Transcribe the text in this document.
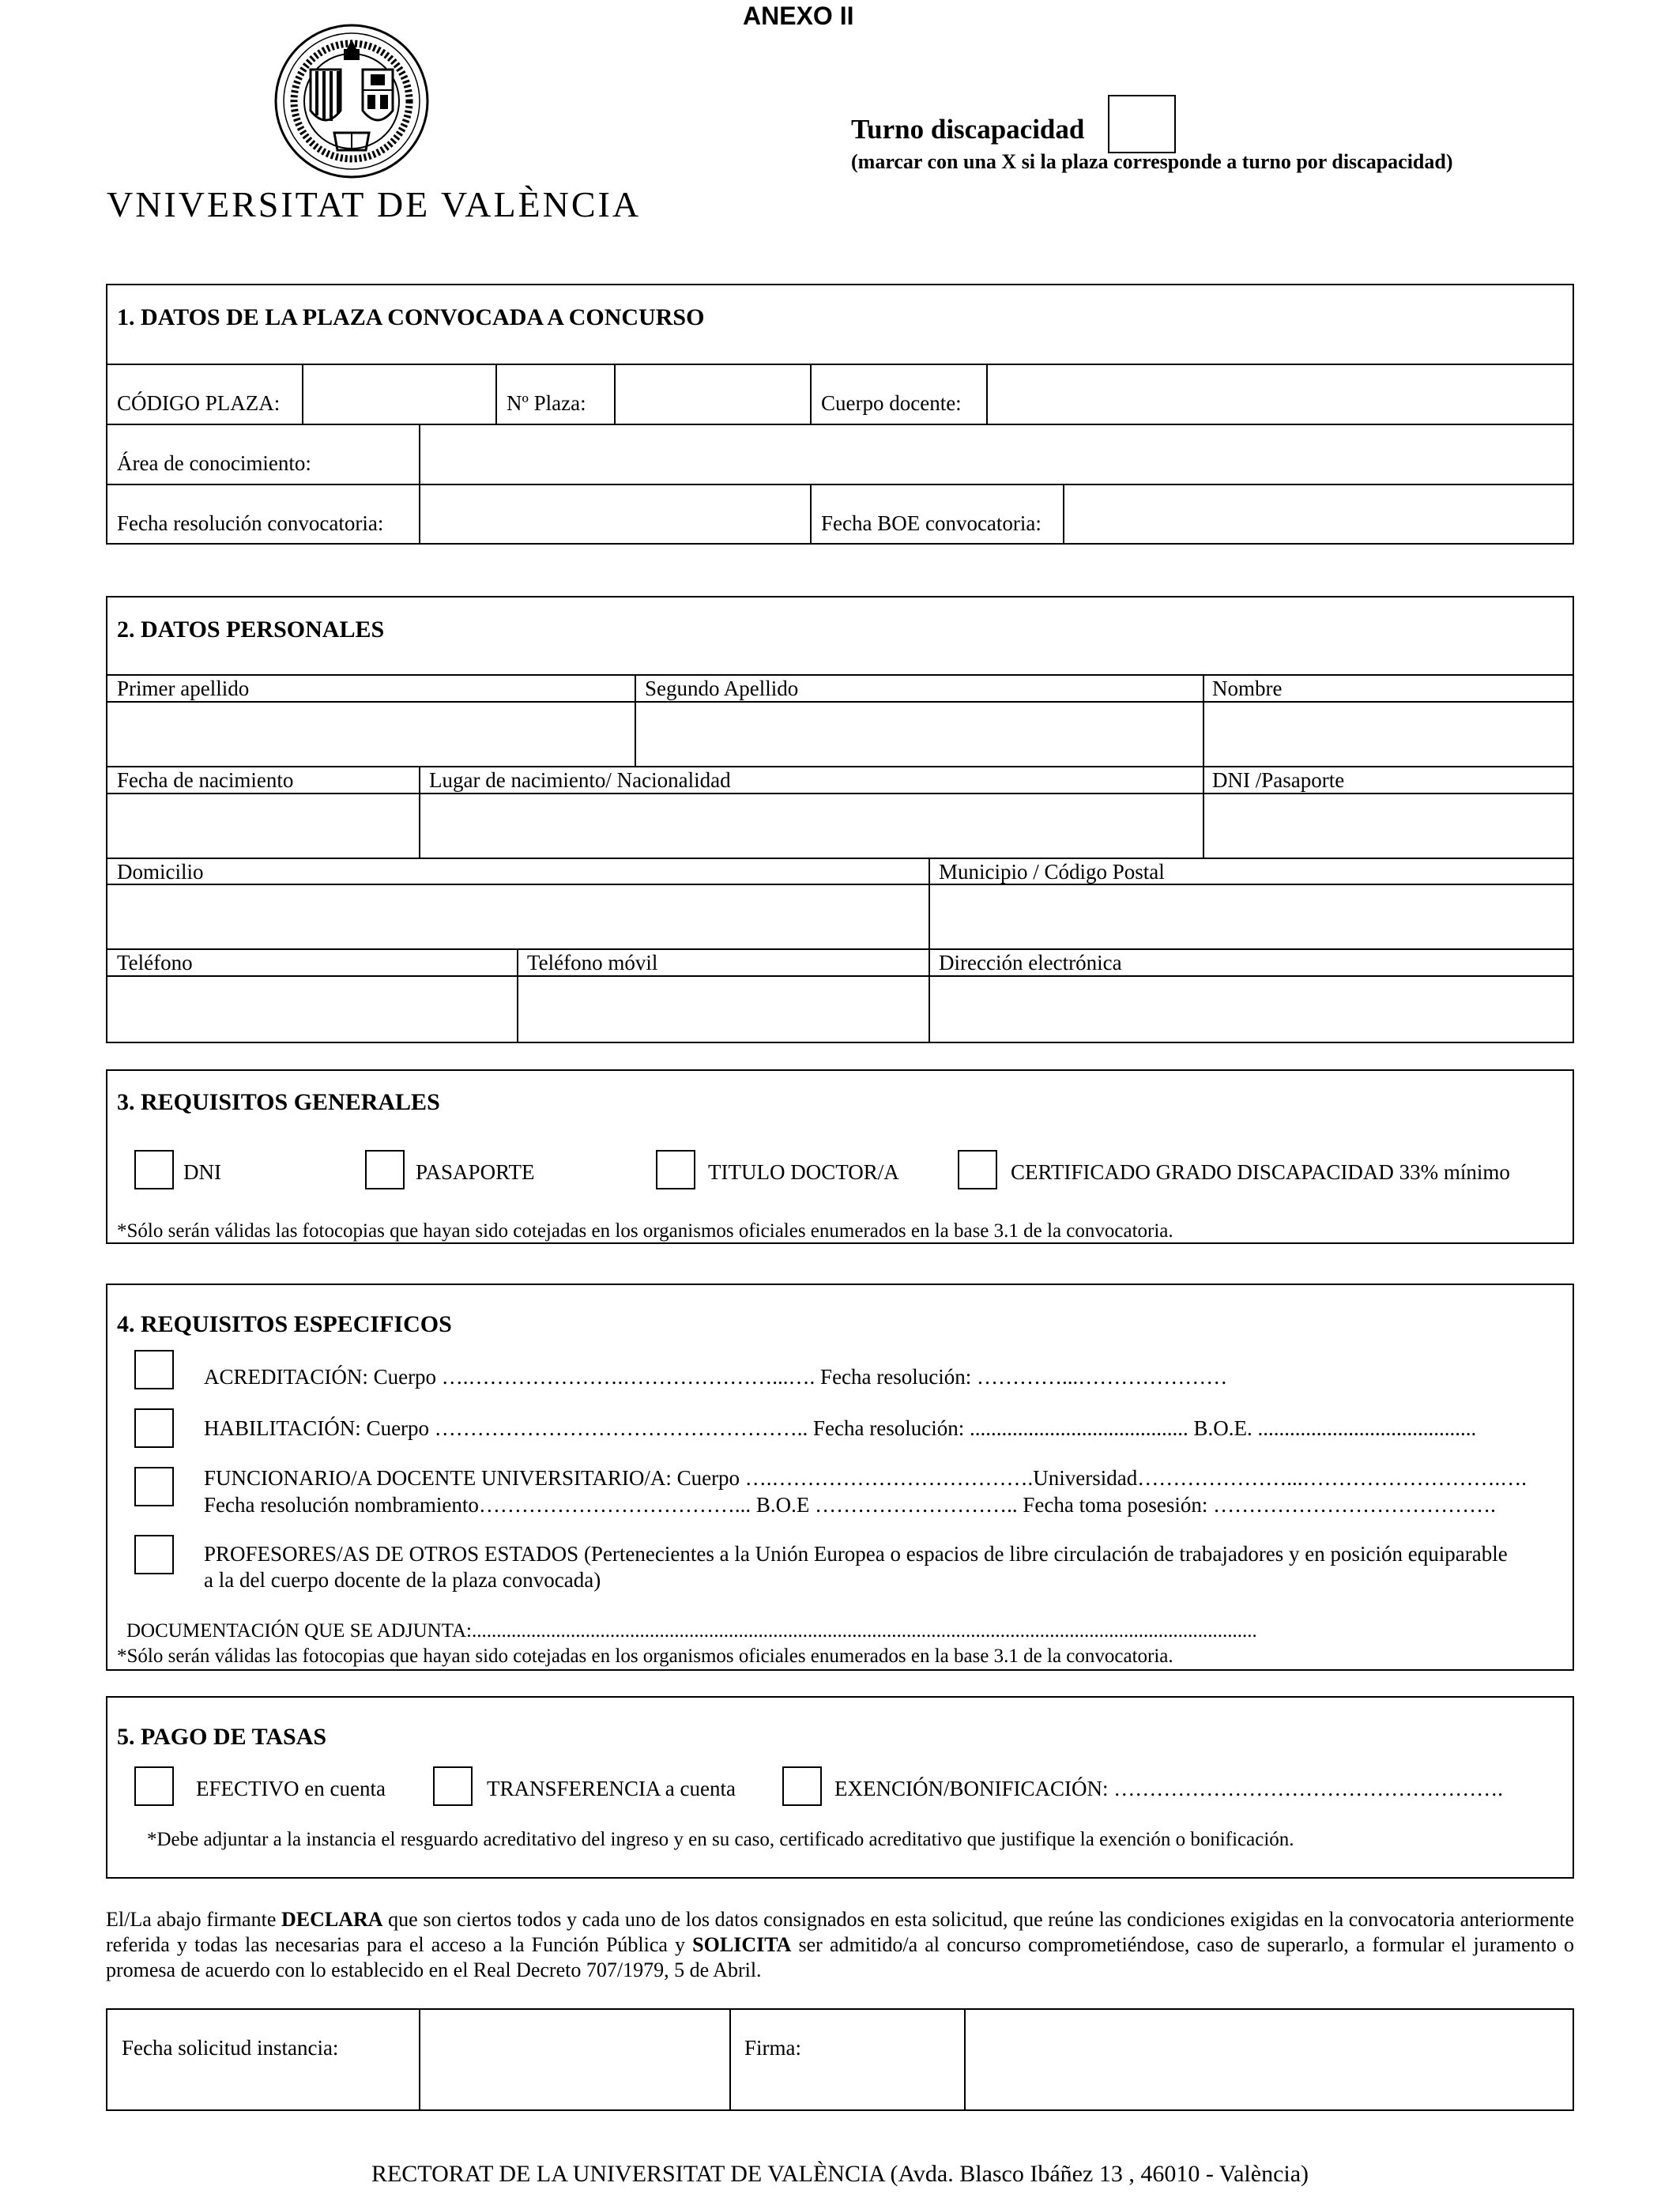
ANEXO II
VNIVERSITAT DE VALÈNCIA
Turno discapacidad
(marcar con una X si la plaza corresponde a turno por discapacidad)
1. DATOS DE LA PLAZA CONVOCADA A CONCURSO
CÓDIGO PLAZA:	Nº Plaza:	Cuerpo docente:
Área de conocimiento:
Fecha resolución convocatoria:	Fecha BOE convocatoria:
2. DATOS PERSONALES
Primer apellido	Segundo Apellido	Nombre
Fecha de nacimiento	Lugar de nacimiento/ Nacionalidad	DNI /Pasaporte
Domicilio	Municipio / Código Postal
Teléfono	Teléfono móvil	Dirección electrónica
3. REQUISITOS GENERALES
DNI	PASAPORTE	TITULO DOCTOR/A	CERTIFICADO GRADO DISCAPACIDAD 33% mínimo
*Sólo serán válidas las fotocopias que hayan sido cotejadas en los organismos oficiales enumerados en la base 3.1 de la convocatoria.
4. REQUISITOS ESPECIFICOS
ACREDITACIÓN: Cuerpo ….………………….…………………...…. Fecha resolución: …………...…………………
HABILITACIÓN: Cuerpo …………………………………………….. Fecha resolución: ......................................... B.O.E. .........................................
FUNCIONARIO/A DOCENTE UNIVERSITARIO/A: Cuerpo ….……………………………….Universidad…………………...……………………….….
Fecha resolución nombramiento………………………………... B.O.E ……………………….. Fecha toma posesión: ………………………………….
PROFESORES/AS DE OTROS ESTADOS (Pertenecientes a la Unión Europea o espacios de libre circulación de trabajadores y en posición equiparable
a la del cuerpo docente de la plaza convocada)
DOCUMENTACIÓN QUE SE ADJUNTA:...............................................................................................................................................................
*Sólo serán válidas las fotocopias que hayan sido cotejadas en los organismos oficiales enumerados en la base 3.1 de la convocatoria.
5. PAGO DE TASAS
EFECTIVO en cuenta	TRANSFERENCIA a cuenta	EXENCIÓN/BONIFICACIÓN: ……………………………………………….
*Debe adjuntar a la instancia el resguardo acreditativo del ingreso y en su caso, certificado acreditativo que justifique la exención o bonificación.
El/La abajo firmante DECLARA que son ciertos todos y cada uno de los datos consignados en esta solicitud, que reúne las condiciones exigidas en la convocatoria anteriormente referida y todas las necesarias para el acceso a la Función Pública y SOLICITA ser admitido/a al concurso comprometiéndose, caso de superarlo, a formular el juramento o promesa de acuerdo con lo establecido en el Real Decreto 707/1979, 5 de Abril.
Fecha solicitud instancia:	Firma:
RECTORAT DE LA UNIVERSITAT DE VALÈNCIA (Avda. Blasco Ibáñez 13 , 46010 - València)
